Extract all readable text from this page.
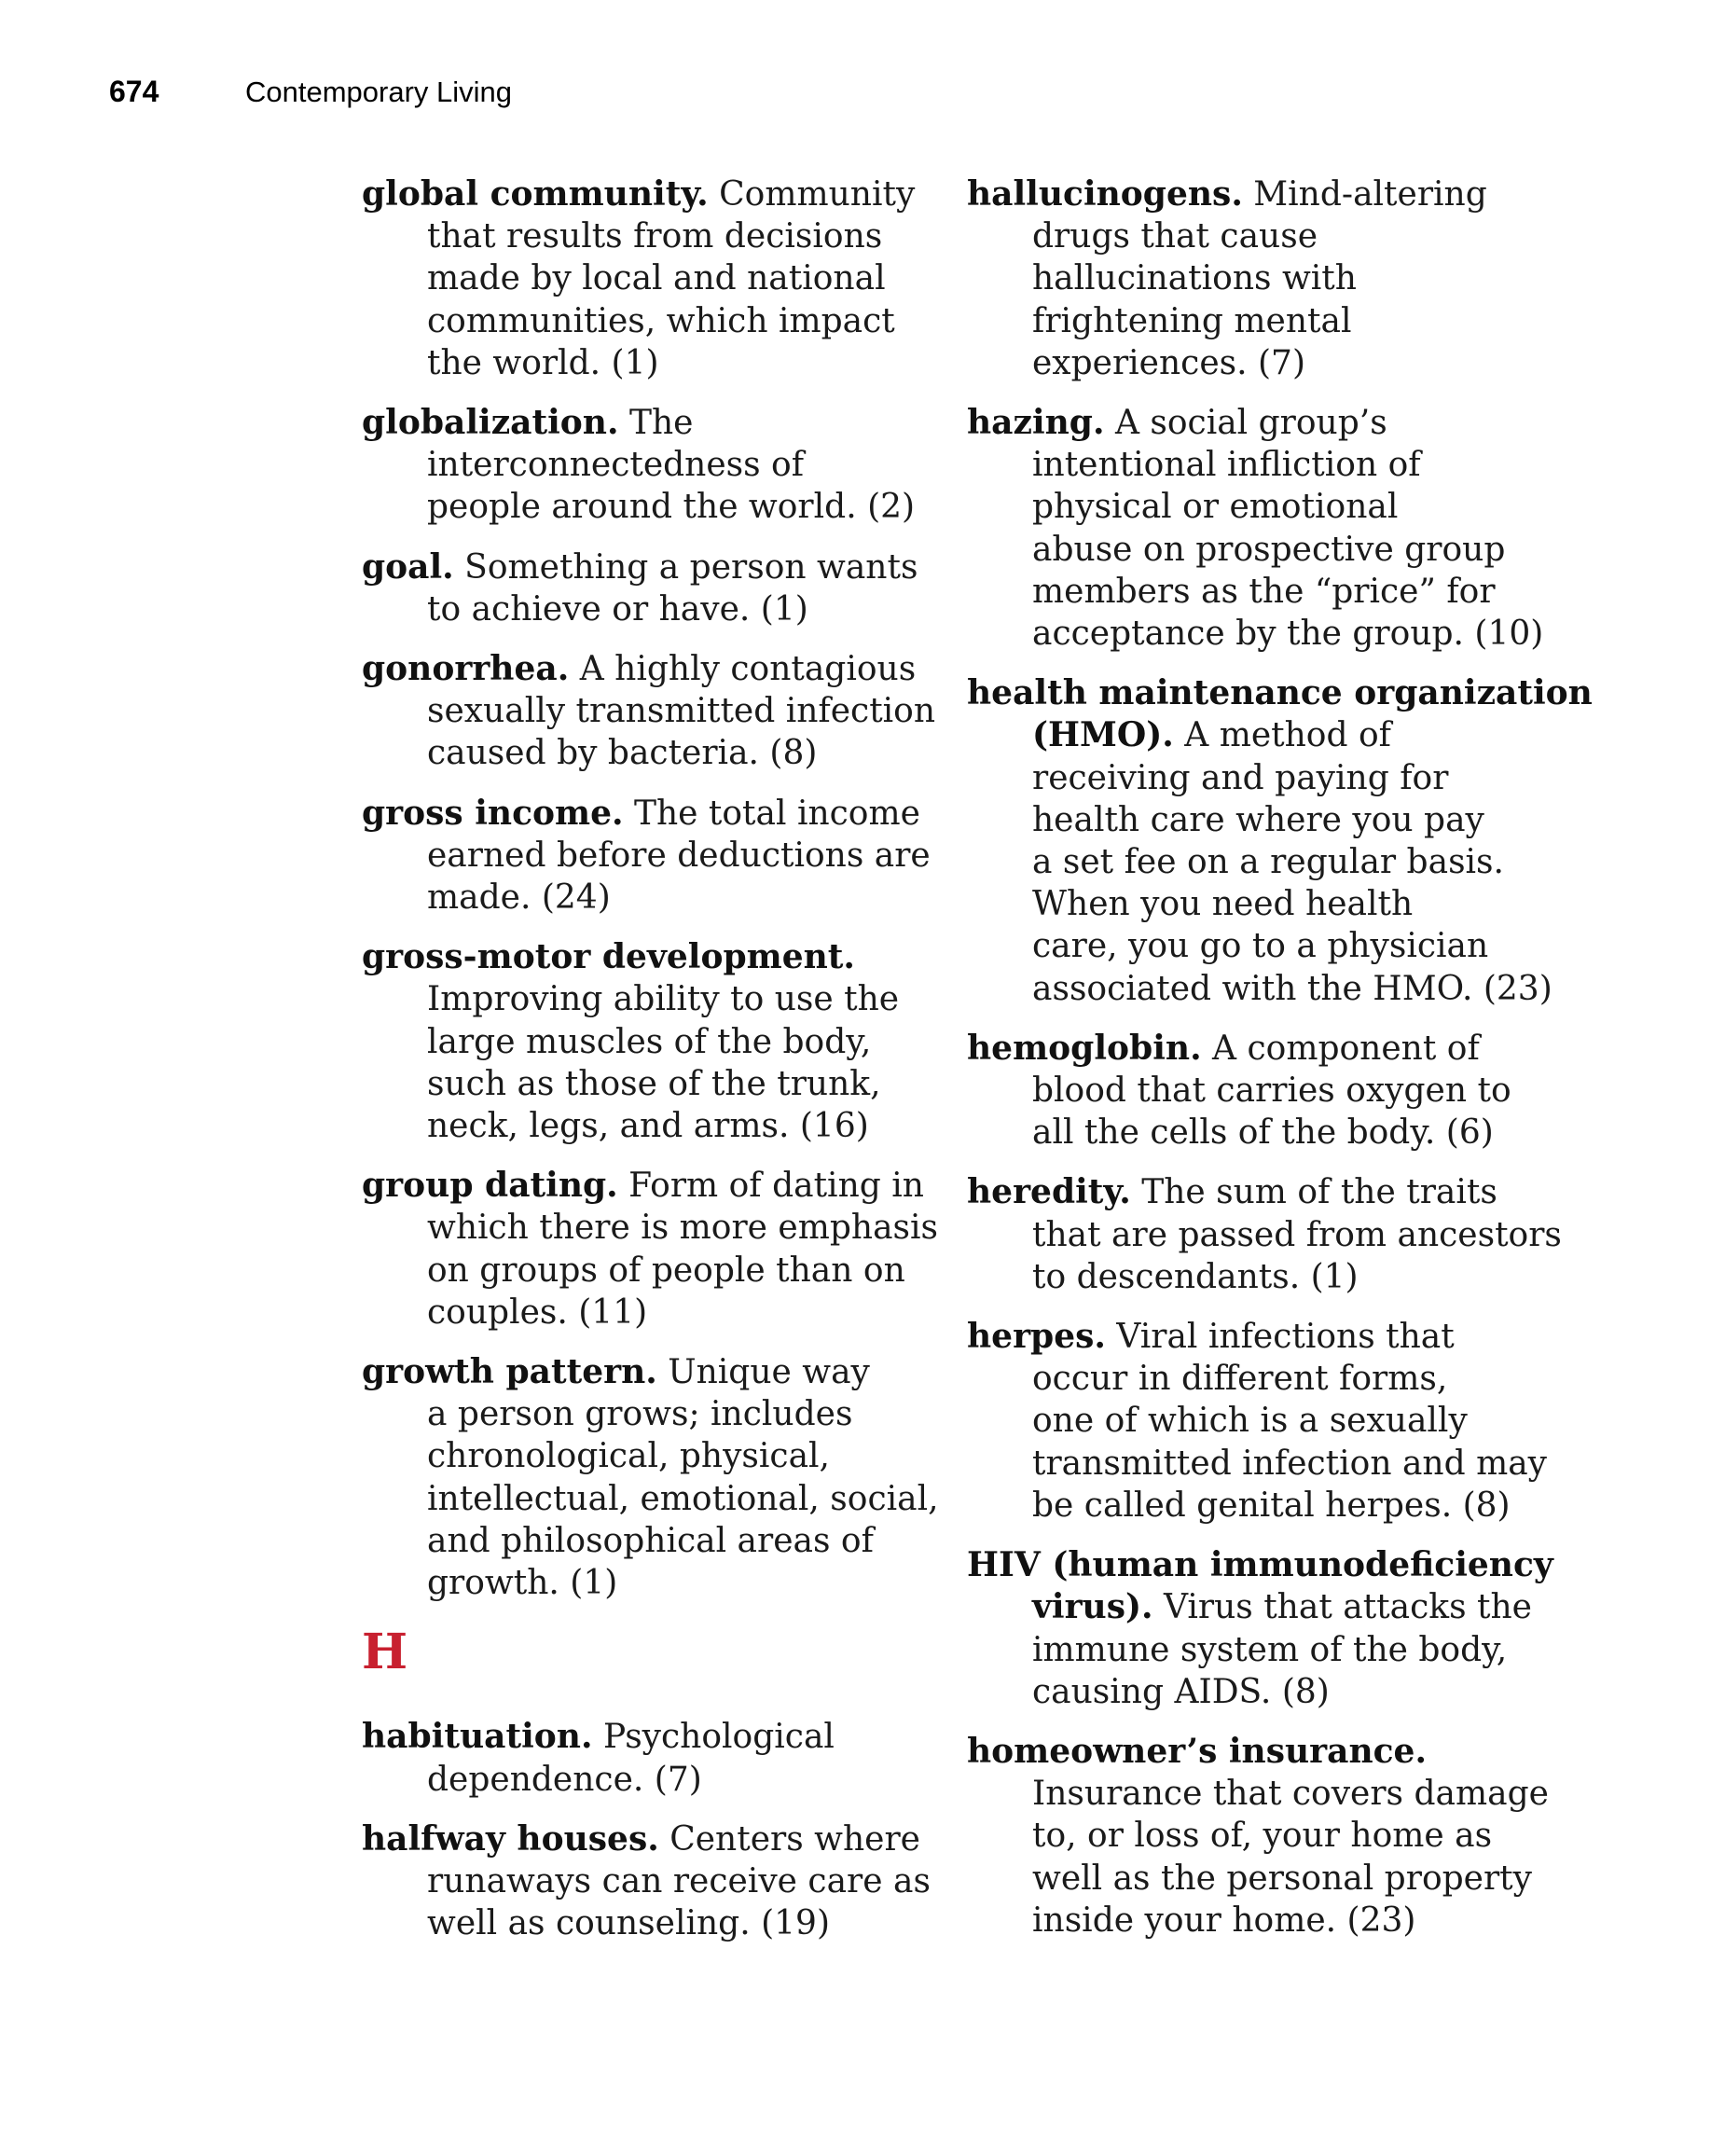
674	Contemporary Living
global community. Community
that results from decisions
made by local and national
communities, which impact
the world. (1)
globalization. The
interconnectedness of
people around the world. (2)
goal. Something a person wants
to achieve or have. (1)
gonorrhea. A highly contagious
sexually transmitted infection
caused by bacteria. (8)
gross income. The total income
earned before deductions are
made. (24)
gross-motor development.
Improving ability to use the
large muscles of the body,
such as those of the trunk,
neck, legs, and arms. (16)
group dating. Form of dating in
which there is more emphasis
on groups of people than on
couples. (11)
growth pattern. Unique way
a person grows; includes
chronological, physical,
intellectual, emotional, social,
and philosophical areas of
growth. (1)
H
habituation. Psychological
dependence. (7)
halfway houses. Centers where
runaways can receive care as
well as counseling. (19)
hallucinogens. Mind-altering
drugs that cause
hallucinations with
frightening mental
experiences. (7)
hazing. A social group’s
intentional infliction of
physical or emotional
abuse on prospective group
members as the “price” for
acceptance by the group. (10)
health maintenance organization
(HMO). A method of
receiving and paying for
health care where you pay
a set fee on a regular basis.
When you need health
care, you go to a physician
associated with the HMO. (23)
hemoglobin. A component of
blood that carries oxygen to
all the cells of the body. (6)
heredity. The sum of the traits
that are passed from ancestors
to descendants. (1)
herpes. Viral infections that
occur in different forms,
one of which is a sexually
transmitted infection and may
be called genital herpes. (8)
HIV (human immunodeficiency
virus). Virus that attacks the
immune system of the body,
causing AIDS. (8)
homeowner’s insurance.
Insurance that covers damage
to, or loss of, your home as
well as the personal property
inside your home. (23)
